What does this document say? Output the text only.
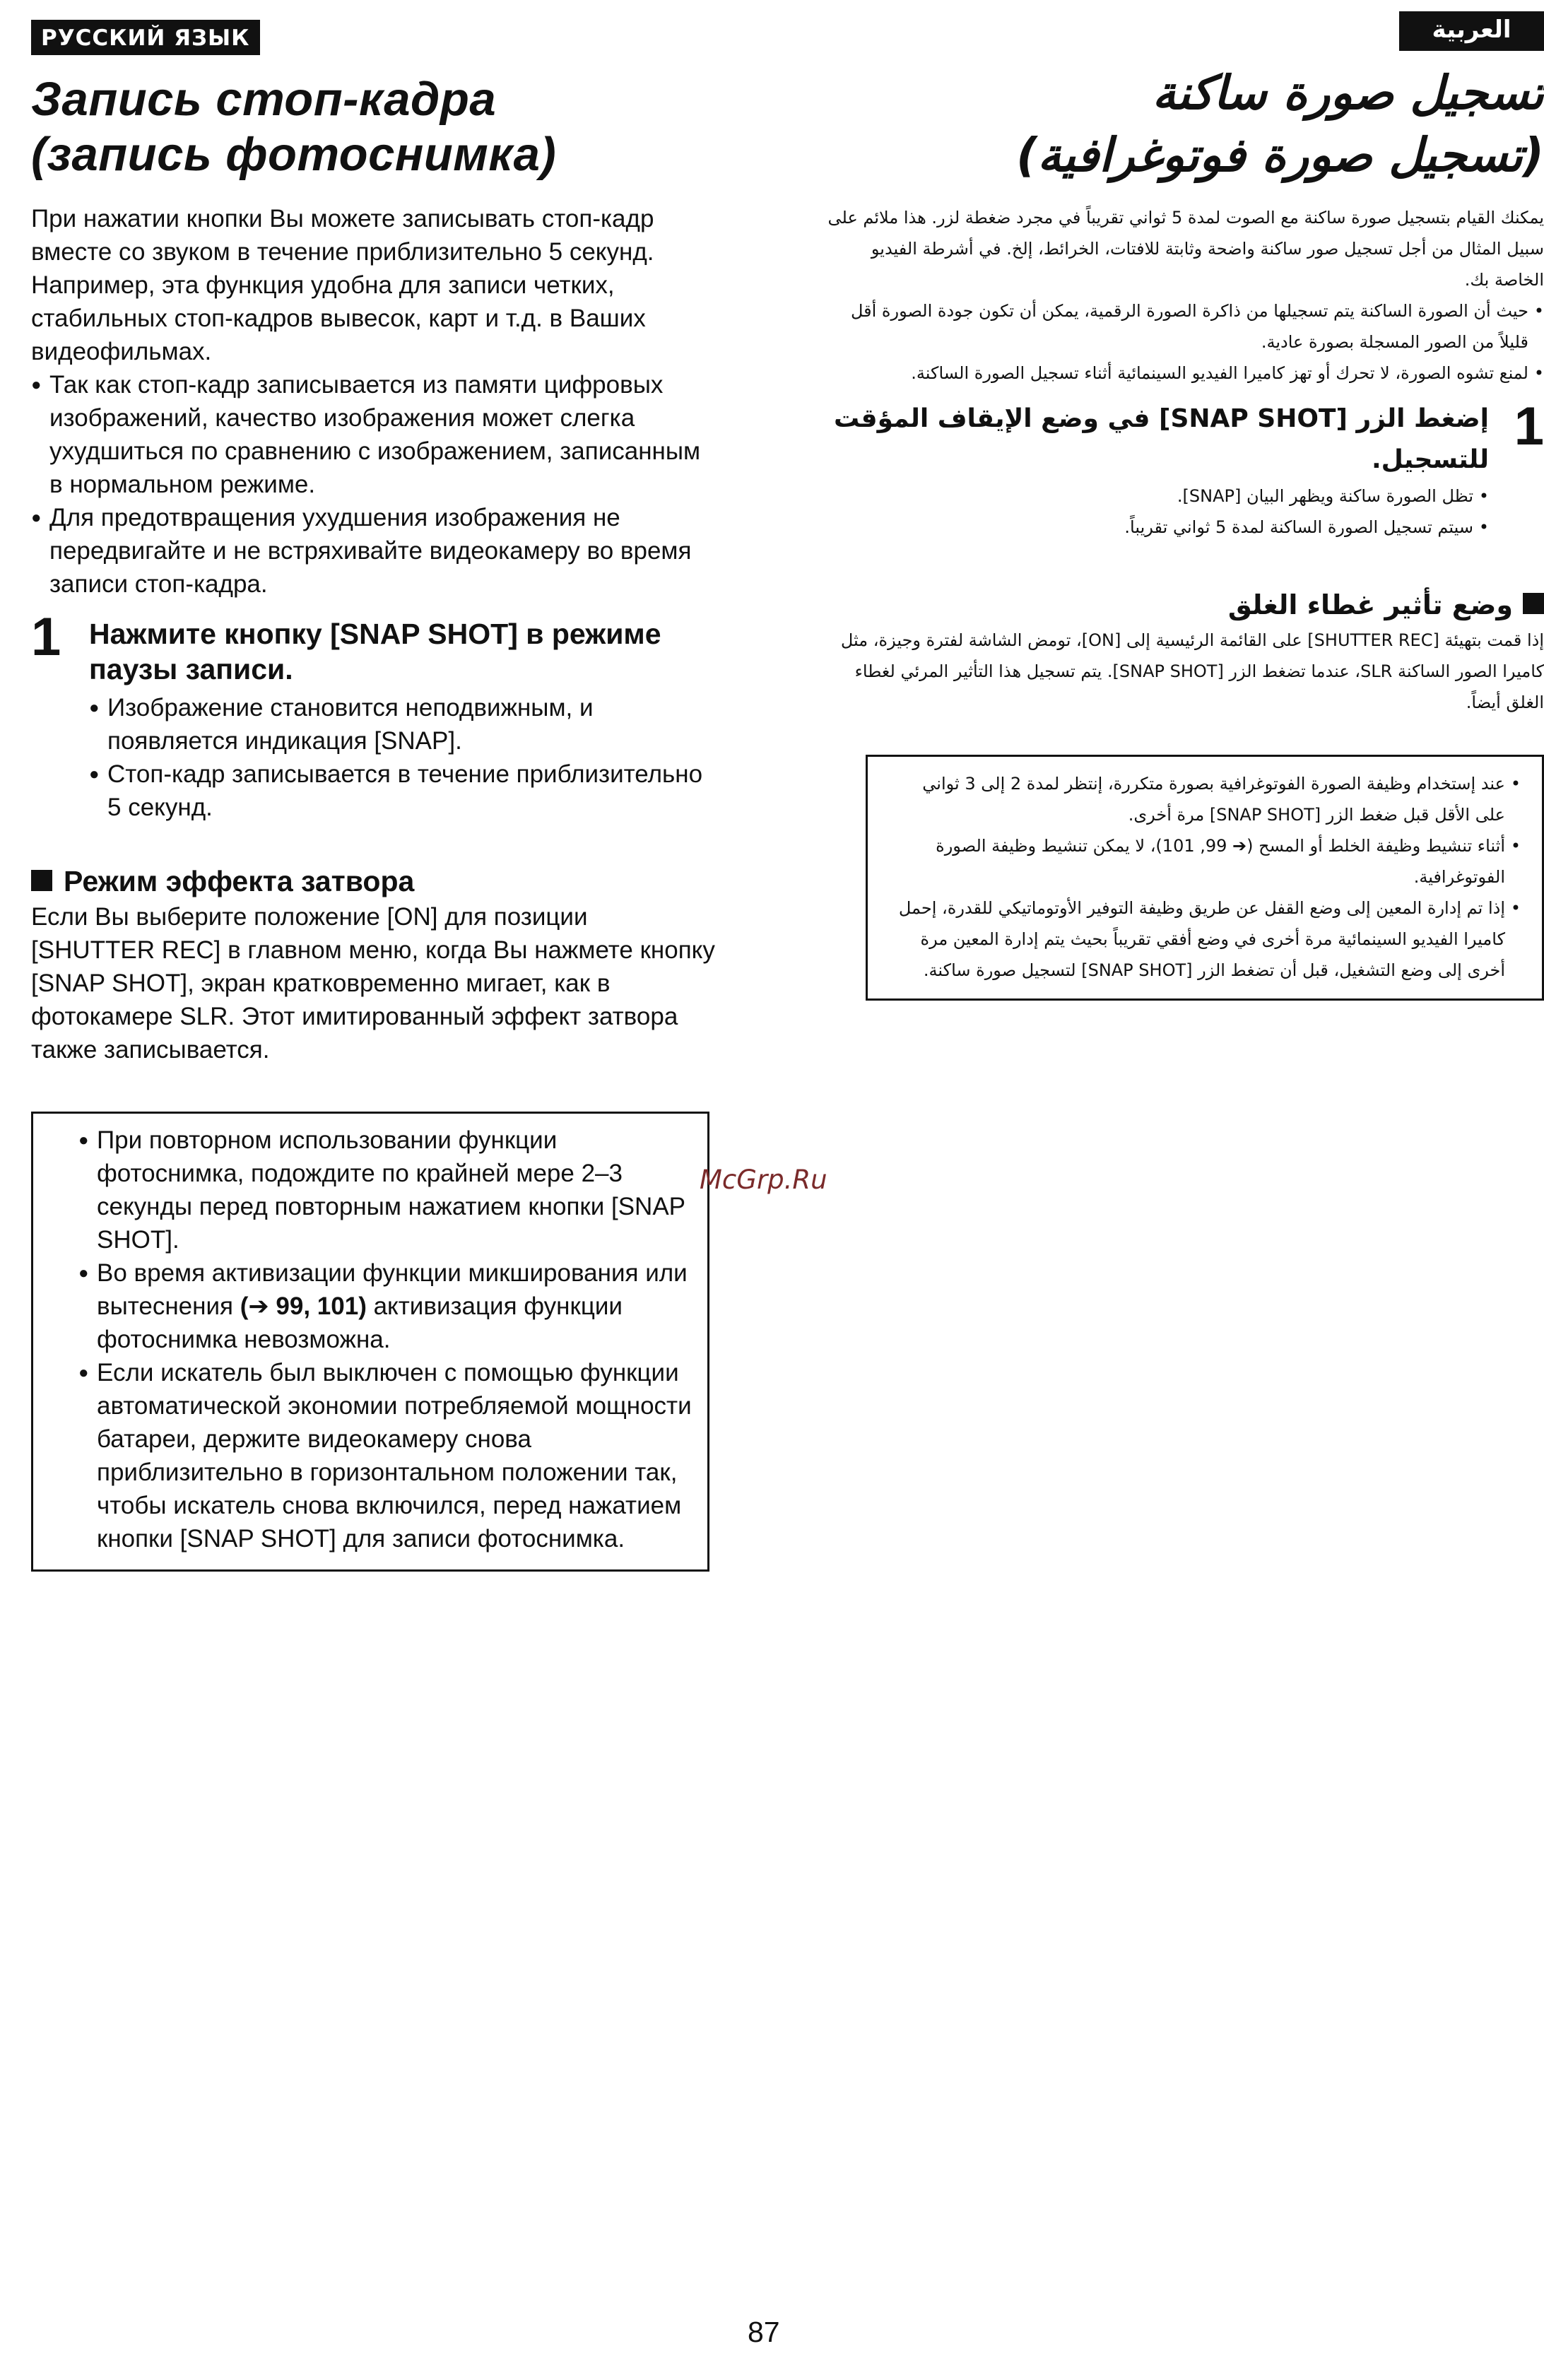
РУССКИЙ ЯЗЫК
Запись стоп-кадра
(запись фотоснимка)

При нажатии кнопки Вы можете записывать стоп-кадр вместе со звуком в течение приблизительно 5 секунд. Например, эта функция удобна для записи четких, стабильных стоп-кадров вывесок, карт и т.д. в Ваших видеофильмах.

● Так как стоп-кадр записывается из памяти цифровых изображений, качество изображения может слегка ухудшиться по сравнению с изображением, записанным в нормальном режиме.

● Для предотвращения ухудшения изображения не передвигайте и не встряхивайте видеокамеру во время записи стоп-кадра.

1 Нажмите кнопку [SNAP SHOT] в режиме паузы записи.

● Изображение становится неподвижным, и появляется индикация [SNAP].

● Стоп-кадр записывается в течение приблизительно 5 секунд.

Режим эффекта затвора

Если Вы выберите положение [ON] для позиции [SHUTTER REC] в главном меню, когда Вы нажмете кнопку [SNAP SHOT], экран кратковременно мигает, как в фотокамере SLR. Этот имитированный эффект затвора также записывается.

● При повторном использовании функции фотоснимка, подождите по крайней мере 2–3 секунды перед повторным нажатием кнопки [SNAP SHOT].

● Во время активизации функции микширования или вытеснения (➔ 99, 101) активизация функции фотоснимка невозможна.

● Если искатель был выключен с помощью функции автоматической экономии потребляемой мощности батареи, держите видеокамеру снова приблизительно в горизонтальном положении так, чтобы искатель снова включился, перед нажатием кнопки [SNAP SHOT] для записи фотоснимка.

العربية
تسجيل صورة ساكنة
(تسجيل صورة فوتوغرافية)

يمكنك القيام بتسجيل صورة ساكنة مع الصوت لمدة 5 ثواني تقريباً في مجرد ضغطة لزر. هذا ملائم على سبيل المثال من أجل تسجيل صور ساكنة واضحة وثابتة للافتات، الخرائط، إلخ. في أشرطة الفيديو الخاصة بك.

• حيث أن الصورة الساكنة يتم تسجيلها من ذاكرة الصورة الرقمية، يمكن أن تكون جودة الصورة أقل قليلاً من الصور المسجلة بصورة عادية.

• لمنع تشوه الصورة، لا تحرك أو تهز كاميرا الفيديو السينمائية أثناء تسجيل الصورة الساكنة.

1
إضغط الزر [SNAP SHOT] في وضع الإيقاف المؤقت للتسجيل.

• تظل الصورة ساكنة ويظهر البيان [SNAP].

• سيتم تسجيل الصورة الساكنة لمدة 5 ثواني تقريباً.

وضع تأثير غطاء الغلق

إذا قمت بتهيئة [SHUTTER REC] على القائمة الرئيسية إلى [ON]، تومض الشاشة لفترة وجيزة، مثل كاميرا الصور الساكنة SLR، عندما تضغط الزر [SNAP SHOT]. يتم تسجيل هذا التأثير المرئي لغطاء الغلق أيضاً.

• عند إستخدام وظيفة الصورة الفوتوغرافية بصورة متكررة، إنتظر لمدة 2 إلى 3 ثواني على الأقل قبل ضغط الزر [SNAP SHOT] مرة أخرى.

• أثناء تنشيط وظيفة الخلط أو المسح (➔ 99, 101)، لا يمكن تنشيط وظيفة الصورة الفوتوغرافية.

• إذا تم إدارة المعين إلى وضع القفل عن طريق وظيفة التوفير الأوتوماتيكي للقدرة، إحمل كاميرا الفيديو السينمائية مرة أخرى في وضع أفقي تقريباً بحيث يتم إدارة المعين مرة أخرى إلى وضع التشغيل، قبل أن تضغط الزر [SNAP SHOT] لتسجيل صورة ساكنة.

McGrp.Ru
87
